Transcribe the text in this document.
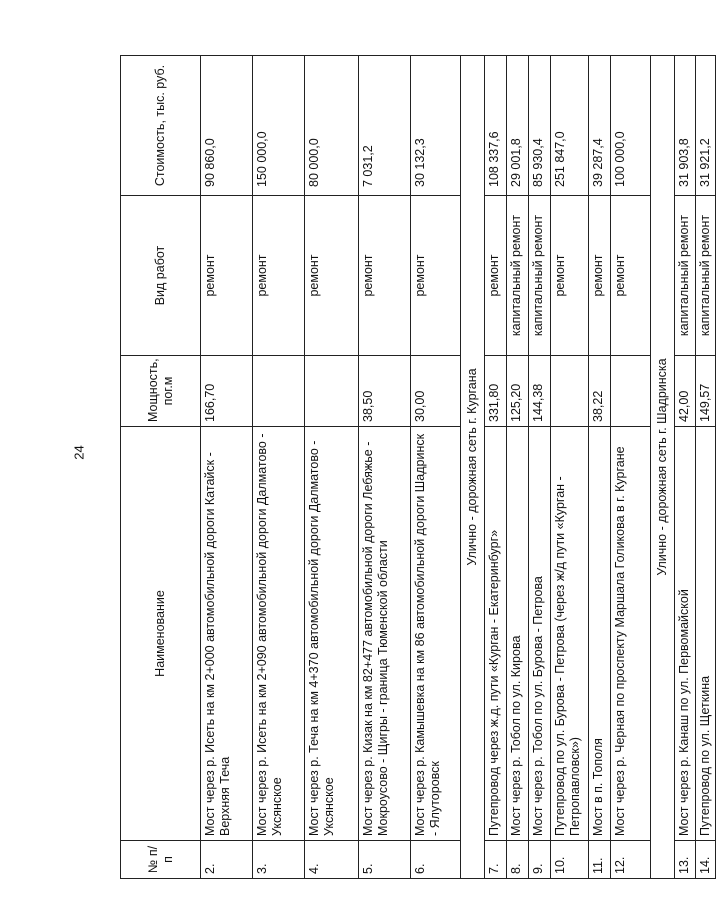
24
№ п/п	Наименование	Мощность, пог.м	Вид работ	Стоимость, тыс. руб.
2.	Мост через р. Исеть на км 2+000 автомобильной дороги Катайск - Верхняя Теча	166,70	ремонт	90 860,0
3.	Мост через р. Исеть на км 2+090 автомобильной дороги Далматово - Уксянское		ремонт	150 000,0
4.	Мост через р. Теча на км 4+370 автомобильной дороги Далматово - Уксянское		ремонт	80 000,0
5.	Мост через р. Кизак на км 82+477 автомобильной дороги Лебяжье - Мокроусово - Щигры - граница Тюменской области	38,50	ремонт	7 031,2
6.	Мост через р. Камышевка на км 86 автомобильной дороги Шадринск - Ялуторовск	30,00	ремонт	30 132,3
Улично - дорожная сеть г. Кургана				
7.	Путепровод через ж.д. пути «Курган - Екатеринбург»	331,80	ремонт	108 337,6
8.	Мост через р. Тобол по ул. Кирова	125,20	капитальный ремонт	29 001,8
9.	Мост через р. Тобол по ул. Бурова - Петрова	144,38	капитальный ремонт	85 930,4
10.	Путепровод по ул. Бурова - Петрова (через ж/д пути «Курган - Петропавловск»)		ремонт	251 847,0
11.	Мост в п. Тополя	38,22	ремонт	39 287,4
12.	Мост через р. Черная по проспекту Маршала Голикова в г. Кургане		ремонт	100 000,0
Улично - дорожная сеть г. Шадринска				
13.	Мост через р. Канаш по ул. Первомайской	42,00	капитальный ремонт	31 903,8
14.	Путепровод по ул. Щеткина	149,57	капитальный ремонт	31 921,2
